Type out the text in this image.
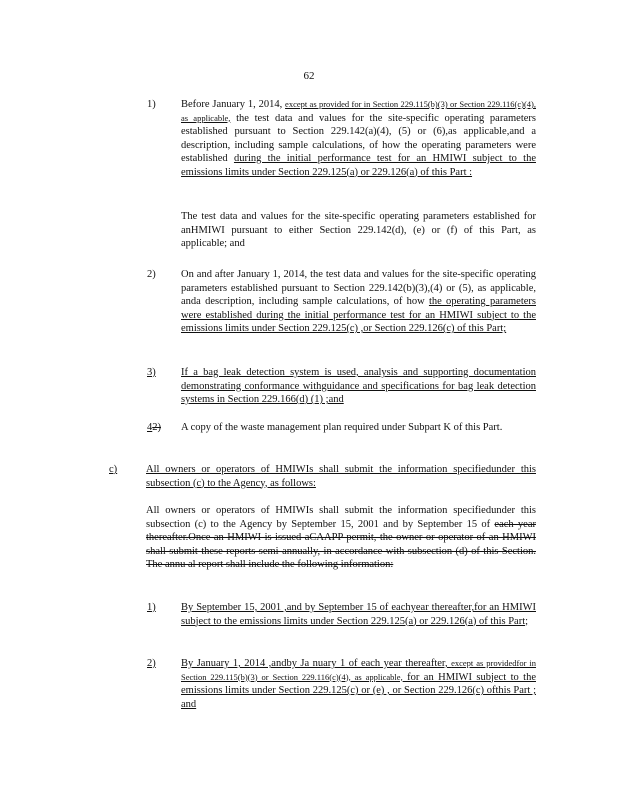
62
1) Before January 1, 2014, except as provided for in Section 229.115(b)(3) or Section 229.116(c)(4), as applicable, the test data and values for the site-specific operating parameters established pursuant to Section 229.142(a)(4), (5) or (6),as applicable,and a description, including sample calculations, of how the operating parameters were established during the initial performance test for an HMIWI subject to the emissions limits under Section 229.125(a) or 229.126(a) of this Part :
The test data and values for the site-specific operating parameters established for anHMIWI pursuant to either Section 229.142(d), (e) or (f) of this Part, as applicable; and
2) On and after January 1, 2014, the test data and values for the site-specific operating parameters established pursuant to Section 229.142(b)(3),(4) or (5), as applicable, anda description, including sample calculations, of how the operating parameters were established during the initial performance test for an HMIWI subject to the emissions limits under Section 229.125(c) ,or Section 229.126(c) of this Part;
3) If a bag leak detection system is used, analysis and supporting documentation demonstrating conformance withguidance and specifications for bag leak detection systems in Section 229.166(d) (1) ;and
42) A copy of the waste management plan required under Subpart K of this Part.
c)	All owners or operators of HMIWIs shall submit the information specifiedunder this subsection (c) to the Agency, as follows:
All owners or operators of HMIWIs shall submit the information specifiedunder this subsection (c) to the Agency by September 15, 2001 and by September 15 of each year thereafter.Once an HMIWI is issued aCAAPP permit, the owner or operator of an HMIWI shall submit these reports semi-annually, in accordance with subsection (d) of this Section. The annu al report shall include the following information:
1) By September 15, 2001 ,and by September 15 of eachyear thereafter,for an HMIWI subject to the emissions limits under Section 229.125(a) or 229.126(a) of this Part;
2) By January 1, 2014 ,andby Ja nuary 1 of each year thereafter, except as providedfor in Section 229.115(b)(3) or Section 229.116(c)(4), as applicable, for an HMIWI subject to the emissions limits under Section 229.125(c) or (e) , or Section 229.126(c) ofthis Part ; and
